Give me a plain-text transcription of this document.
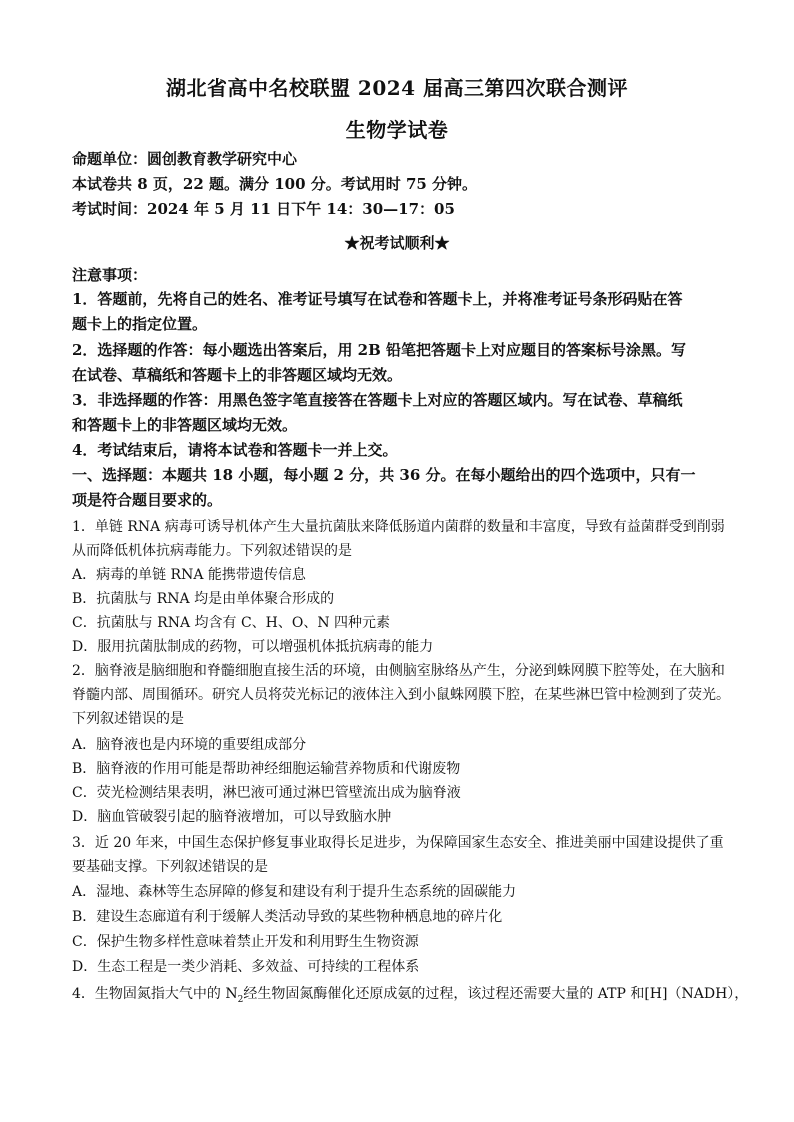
湖北省高中名校联盟 2024 届高三第四次联合测评
生物学试卷
命题单位：圆创教育教学研究中心
本试卷共 8 页，22 题。满分 100 分。考试用时 75 分钟。
考试时间：2024 年 5 月 11 日下午 14：30—17：05
★祝考试顺利★
注意事项：
1．答题前，先将自己的姓名、准考证号填写在试卷和答题卡上，并将准考证号条形码贴在答
题卡上的指定位置。
2．选择题的作答：每小题选出答案后，用 2B 铅笔把答题卡上对应题目的答案标号涂黑。写
在试卷、草稿纸和答题卡上的非答题区域均无效。
3．非选择题的作答：用黑色签字笔直接答在答题卡上对应的答题区域内。写在试卷、草稿纸
和答题卡上的非答题区域均无效。
4．考试结束后，请将本试卷和答题卡一并上交。
一、选择题：本题共 18 小题，每小题 2 分，共 36 分。在每小题给出的四个选项中，只有一
项是符合题目要求的。
1．单链 RNA 病毒可诱导机体产生大量抗菌肽来降低肠道内菌群的数量和丰富度，导致有益菌群受到削弱
从而降低机体抗病毒能力。下列叙述错误的是
A．病毒的单链 RNA 能携带遗传信息
B．抗菌肽与 RNA 均是由单体聚合形成的
C．抗菌肽与 RNA 均含有 C、H、O、N 四种元素
D．服用抗菌肽制成的药物，可以增强机体抵抗病毒的能力
2．脑脊液是脑细胞和脊髓细胞直接生活的环境，由侧脑室脉络丛产生，分泌到蛛网膜下腔等处，在大脑和
脊髓内部、周围循环。研究人员将荧光标记的液体注入到小鼠蛛网膜下腔，在某些淋巴管中检测到了荧光。
下列叙述错误的是
A．脑脊液也是内环境的重要组成部分
B．脑脊液的作用可能是帮助神经细胞运输营养物质和代谢废物
C．荧光检测结果表明，淋巴液可通过淋巴管壁流出成为脑脊液
D．脑血管破裂引起的脑脊液增加，可以导致脑水肿
3．近 20 年来，中国生态保护修复事业取得长足进步，为保障国家生态安全、推进美丽中国建设提供了重
要基础支撑。下列叙述错误的是
A．湿地、森林等生态屏障的修复和建设有利于提升生态系统的固碳能力
B．建设生态廊道有利于缓解人类活动导致的某些物种栖息地的碎片化
C．保护生物多样性意味着禁止开发和利用野生生物资源
D．生态工程是一类少消耗、多效益、可持续的工程体系
4．生物固氮指大气中的 $N_2$经生物固氮酶催化还原成氨的过程，该过程还需要大量的 ATP 和[H]（NADH），
